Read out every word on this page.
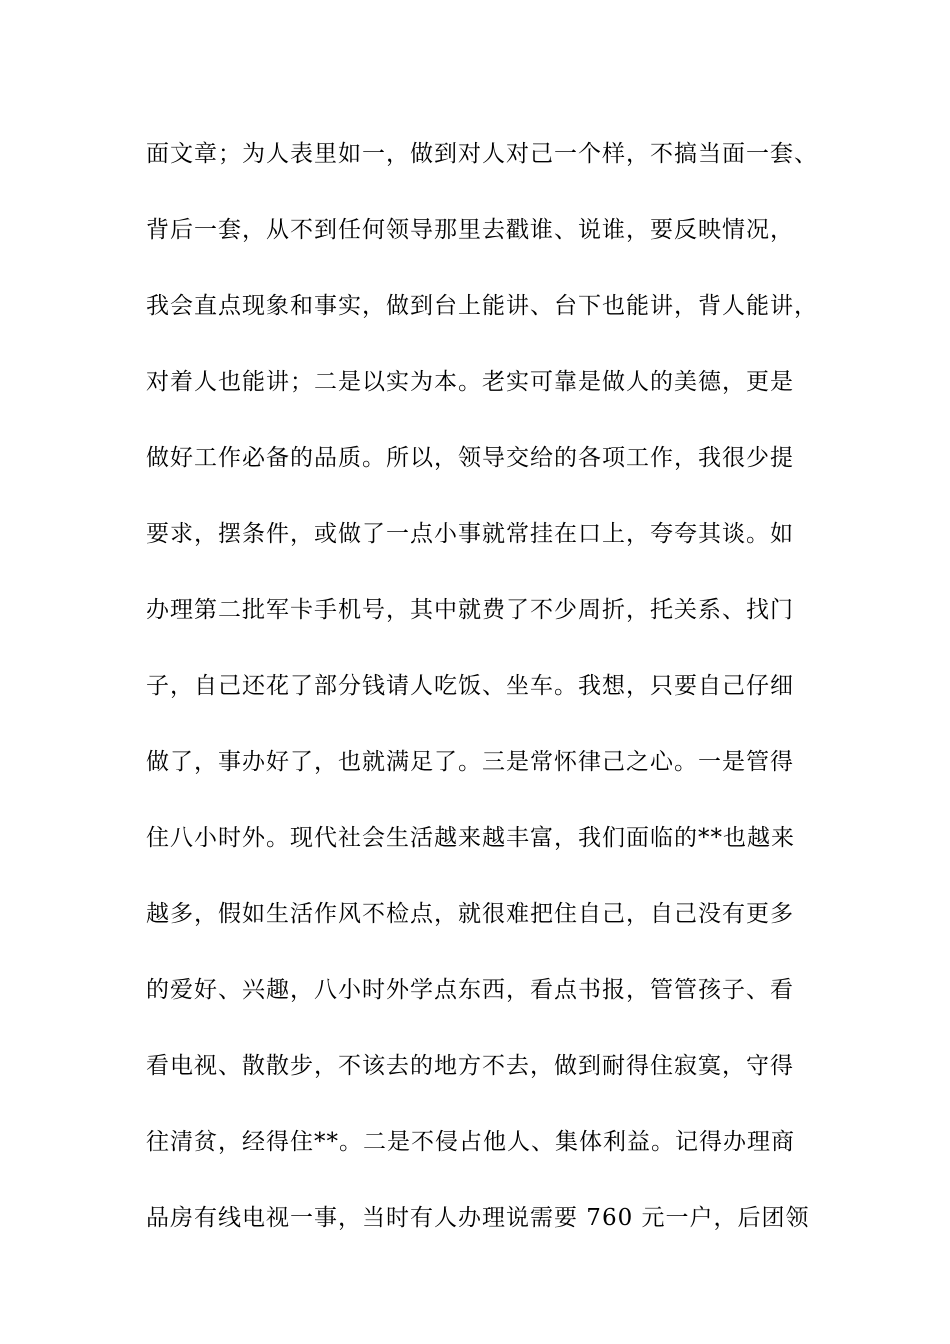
面文章；为人表里如一，做到对人对己一个样，不搞当面一套、
背后一套，从不到任何领导那里去戳谁、说谁，要反映情况，
我会直点现象和事实，做到台上能讲、台下也能讲，背人能讲，
对着人也能讲；二是以实为本。老实可靠是做人的美德，更是
做好工作必备的品质。所以，领导交给的各项工作，我很少提
要求，摆条件，或做了一点小事就常挂在口上，夸夸其谈。如
办理第二批军卡手机号，其中就费了不少周折，托关系、找门
子，自己还花了部分钱请人吃饭、坐车。我想，只要自己仔细
做了，事办好了，也就满足了。三是常怀律己之心。一是管得
住八小时外。现代社会生活越来越丰富，我们面临的**也越来
越多，假如生活作风不检点，就很难把住自己，自己没有更多
的爱好、兴趣，八小时外学点东西，看点书报，管管孩子、看
看电视、散散步，不该去的地方不去，做到耐得住寂寞，守得
往清贫，经得住**。二是不侵占他人、集体利益。记得办理商
品房有线电视一事，当时有人办理说需要 760 元一户，后团领
